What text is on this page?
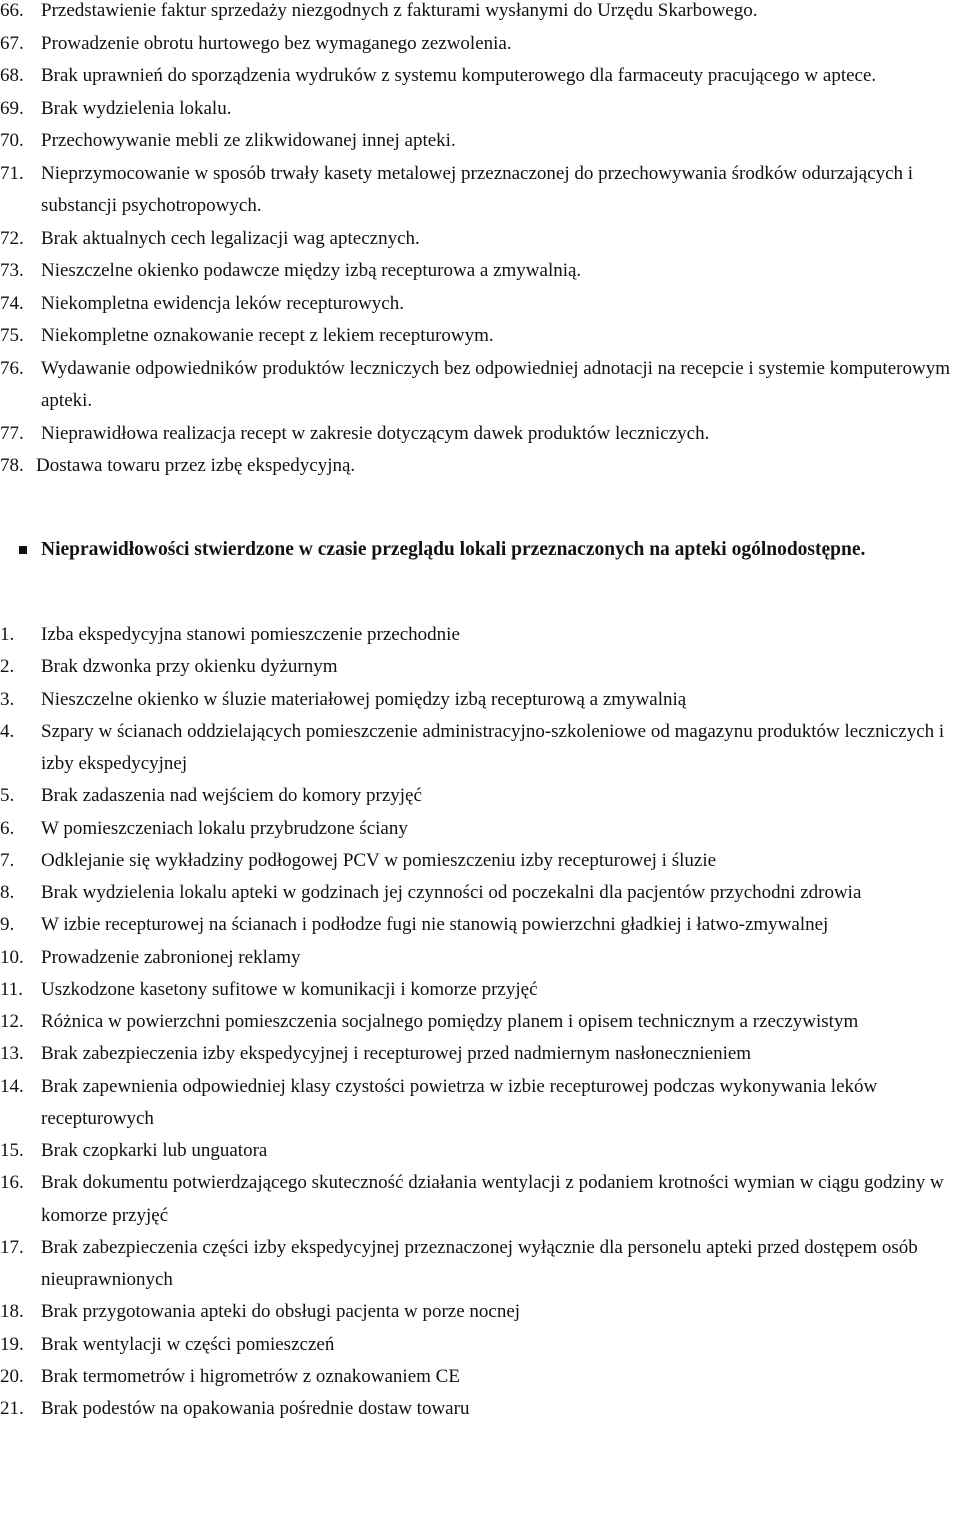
66. Przedstawienie faktur sprzedaży niezgodnych z fakturami wysłanymi do Urzędu Skarbowego.
67. Prowadzenie obrotu hurtowego bez wymaganego zezwolenia.
68. Brak uprawnień do sporządzenia wydruków z systemu komputerowego dla farmaceuty pracującego w aptece.
69. Brak wydzielenia lokalu.
70. Przechowywanie mebli ze zlikwidowanej innej apteki.
71. Nieprzymocowanie w sposób trwały kasety metalowej przeznaczonej do przechowywania środków odurzających i substancji psychotropowych.
72. Brak aktualnych cech legalizacji wag aptecznych.
73. Nieszczelne okienko podawcze między izbą recepturowa a zmywalnią.
74. Niekompletna ewidencja leków recepturowych.
75. Niekompletne oznakowanie recept z lekiem recepturowym.
76. Wydawanie odpowiedników produktów leczniczych bez odpowiedniej adnotacji na recepcie i systemie komputerowym apteki.
77. Nieprawidłowa realizacja recept w zakresie dotyczącym dawek produktów leczniczych.
78. Dostawa towaru przez izbę ekspedycyjną.
Nieprawidłowości stwierdzone w czasie przeglądu lokali przeznaczonych na apteki ogólnodostępne.
1.	Izba ekspedycyjna stanowi pomieszczenie przechodnie
2.	Brak dzwonka przy okienku dyżurnym
3.	Nieszczelne okienko w śluzie materiałowej pomiędzy izbą recepturową a zmywalnią
4.	Szpary w ścianach oddzielających pomieszczenie administracyjno-szkoleniowe od magazynu produktów leczniczych i izby ekspedycyjnej
5.	Brak zadaszenia nad wejściem do komory przyjęć
6.	W pomieszczeniach lokalu przybrudzone ściany
7.	Odklejanie się wykładziny podłogowej PCV w pomieszczeniu izby recepturowej i śluzie
8.	Brak wydzielenia lokalu apteki w godzinach jej czynności od poczekalni dla pacjentów przychodni zdrowia
9.	W izbie recepturowej na ścianach i podłodze fugi nie stanowią powierzchni gładkiej i łatwo-zmywalnej
10. Prowadzenie zabronionej reklamy
11. Uszkodzone kasetony sufitowe w komunikacji i komorze przyjęć
12. Różnica w powierzchni pomieszczenia socjalnego pomiędzy planem i opisem technicznym a rzeczywistym
13. Brak zabezpieczenia izby ekspedycyjnej i recepturowej przed nadmiernym nasłonecznieniem
14. Brak zapewnienia odpowiedniej klasy czystości powietrza w izbie recepturowej podczas wykonywania leków recepturowych
15. Brak czopkarki lub unguatora
16. Brak dokumentu potwierdzającego skuteczność działania wentylacji z podaniem krotności wymian w ciągu godziny w komorze przyjęć
17. Brak zabezpieczenia części izby ekspedycyjnej przeznaczonej wyłącznie dla personelu apteki przed dostępem osób nieuprawnionych
18. Brak przygotowania apteki do obsługi pacjenta w porze nocnej
19. Brak wentylacji w części pomieszczeń
20. Brak termometrów i higrometrów z oznakowaniem CE
21. Brak podestów na opakowania pośrednie dostaw towaru
